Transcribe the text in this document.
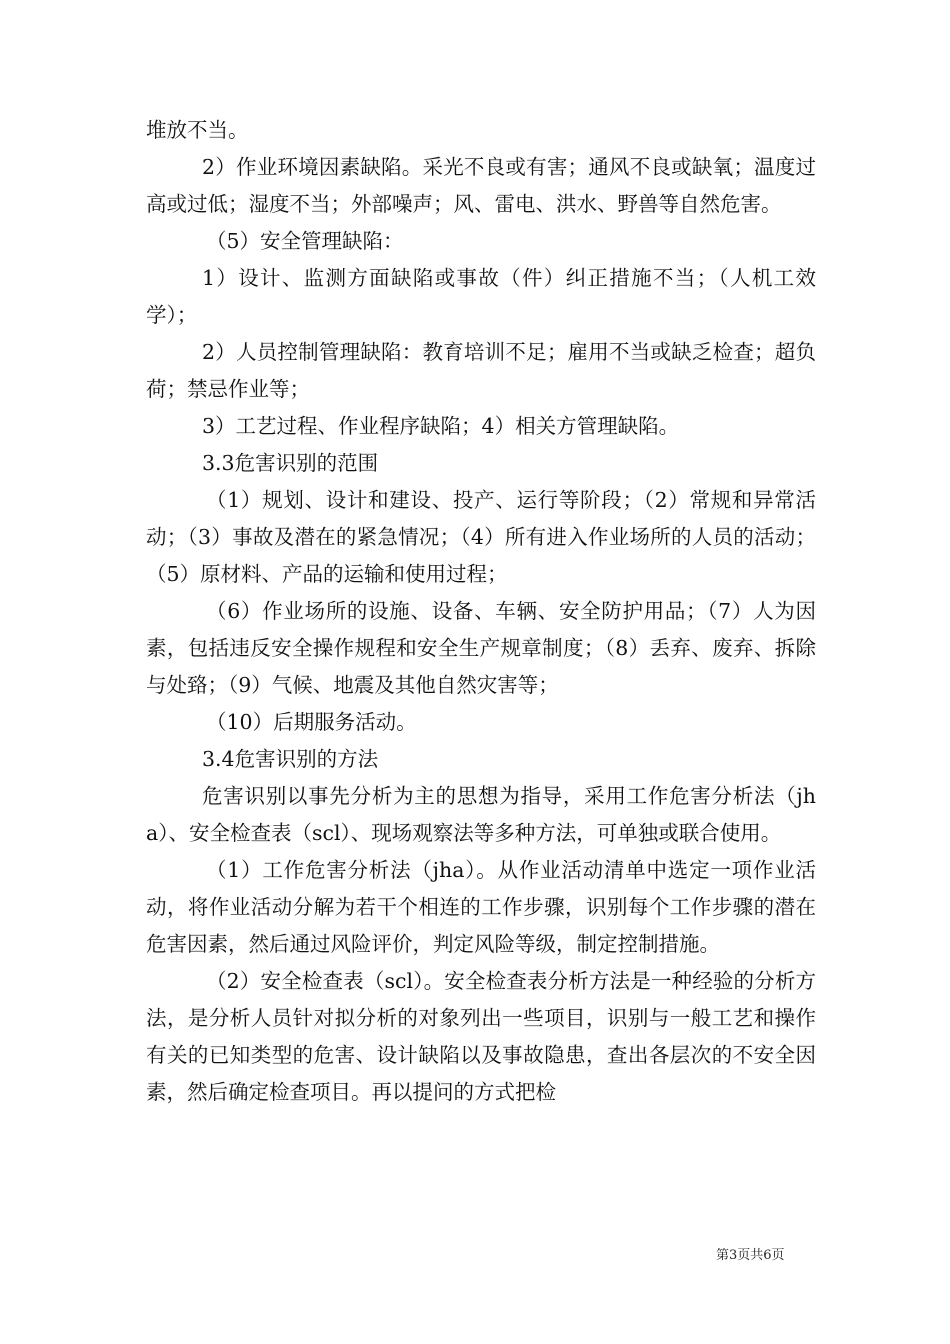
堆放不当。

2）作业环境因素缺陷。采光不良或有害；通风不良或缺氧；温度过高或过低；湿度不当；外部噪声；风、雷电、洪水、野兽等自然危害。

（5）安全管理缺陷：

1）设计、监测方面缺陷或事故（件）纠正措施不当；（人机工效学）；

2）人员控制管理缺陷：教育培训不足；雇用不当或缺乏检查；超负荷；禁忌作业等；

3）工艺过程、作业程序缺陷；4）相关方管理缺陷。

3.3危害识别的范围

（1）规划、设计和建设、投产、运行等阶段；（2）常规和异常活动；（3）事故及潜在的紧急情况；（4）所有进入作业场所的人员的活动；（5）原材料、产品的运输和使用过程；

（6）作业场所的设施、设备、车辆、安全防护用品；（7）人为因素，包括违反安全操作规程和安全生产规章制度；（8）丢弃、废弃、拆除与处臵；（9）气候、地震及其他自然灾害等；

（10）后期服务活动。

3.4危害识别的方法

危害识别以事先分析为主的思想为指导，采用工作危害分析法（jha）、安全检查表（scl）、现场观察法等多种方法，可单独或联合使用。

（1）工作危害分析法（jha）。从作业活动清单中选定一项作业活动，将作业活动分解为若干个相连的工作步骤，识别每个工作步骤的潜在危害因素，然后通过风险评价，判定风险等级，制定控制措施。

（2）安全检查表（scl）。安全检查表分析方法是一种经验的分析方法，是分析人员针对拟分析的对象列出一些项目，识别与一般工艺和操作有关的已知类型的危害、设计缺陷以及事故隐患，查出各层次的不安全因素，然后确定检查项目。再以提问的方式把检

第3页共6页
